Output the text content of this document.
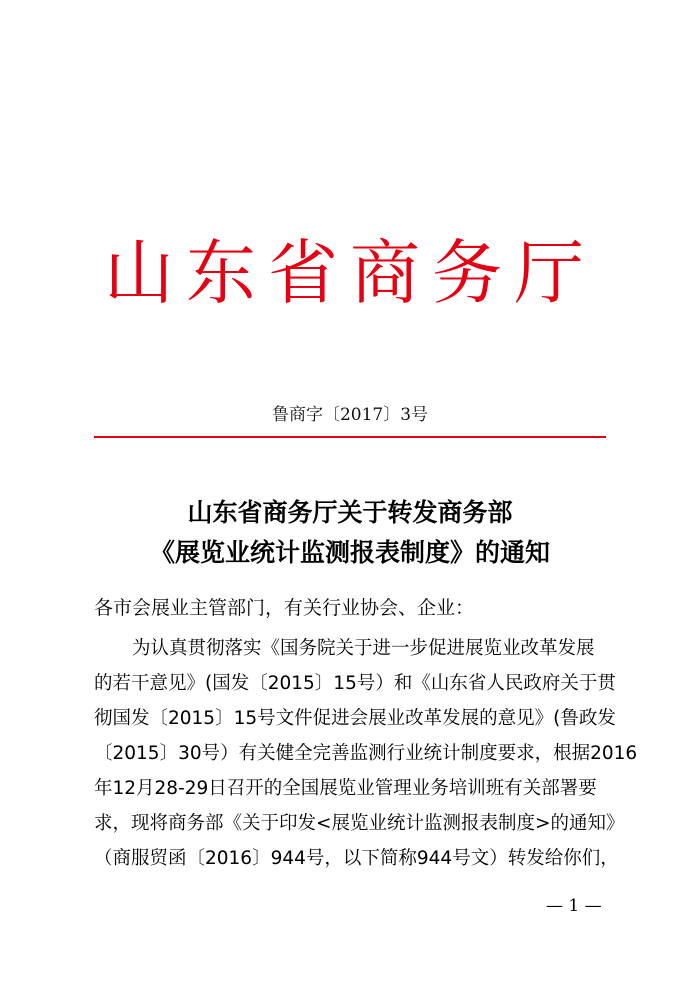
山东省商务厅
鲁商字〔2017〕3号
山东省商务厅关于转发商务部
《展览业统计监测报表制度》的通知
各市会展业主管部门，有关行业协会、企业：
为认真贯彻落实《国务院关于进一步促进展览业改革发展
的若干意见》(国发〔2015〕15号）和《山东省人民政府关于贯
彻国发〔2015〕15号文件促进会展业改革发展的意见》(鲁政发
〔2015〕30号）有关健全完善监测行业统计制度要求，根据2016
年12月28-29日召开的全国展览业管理业务培训班有关部署要
求，现将商务部《关于印发<展览业统计监测报表制度>的通知》
（商服贸函〔2016〕944号，以下简称944号文）转发给你们，
— 1 —
